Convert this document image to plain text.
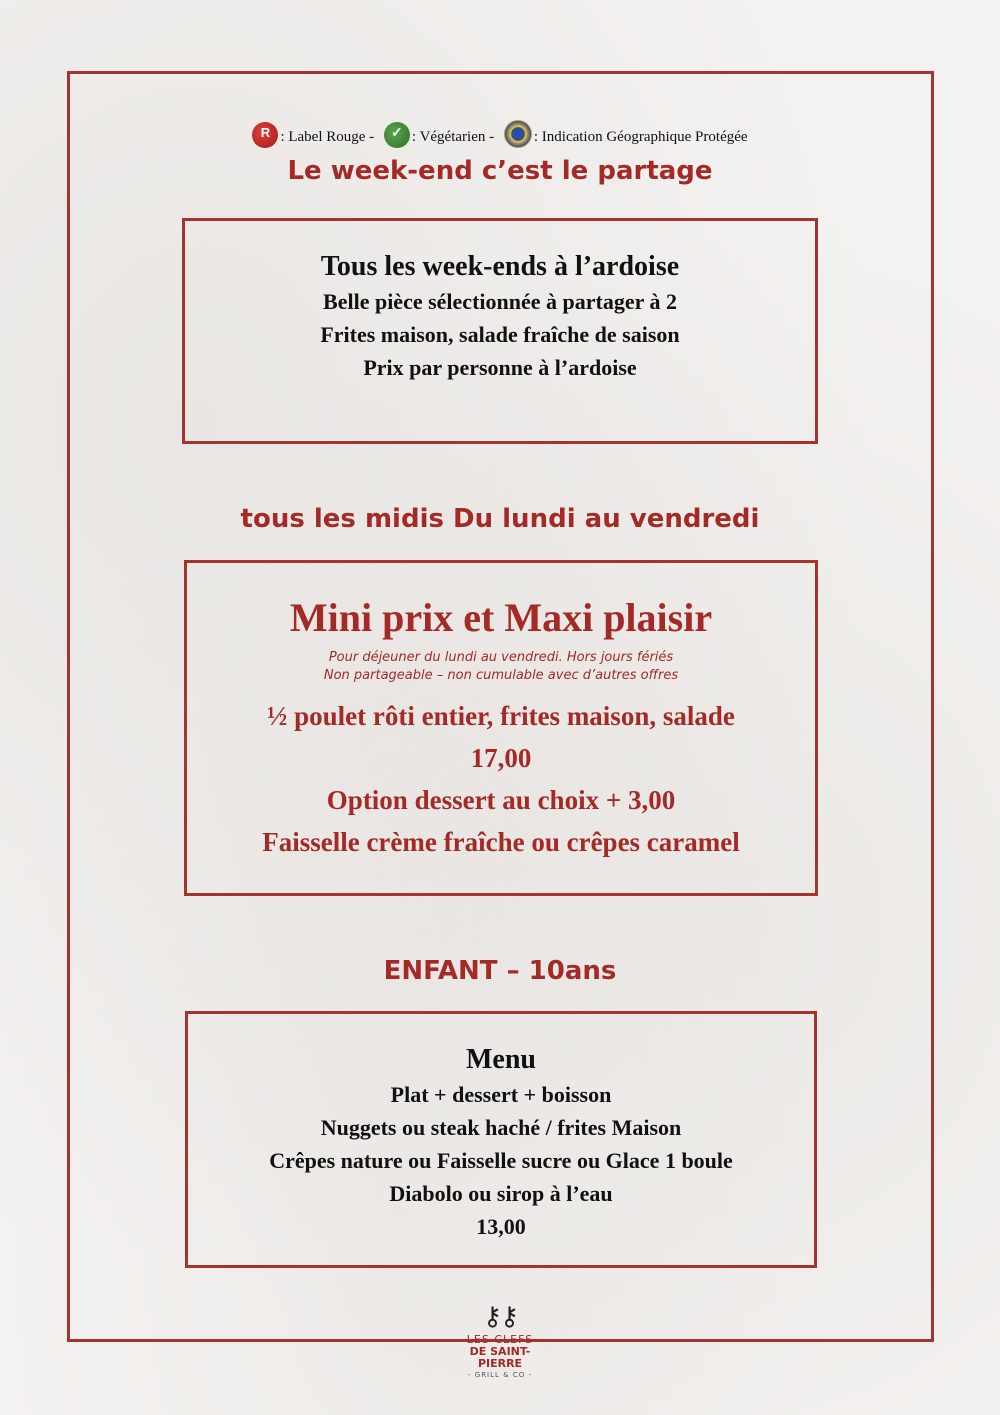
R: Label Rouge - ✓	: Végétarien -	: Indication Géographique Protégée
Le week-end c’est le partage
Tous les week-ends à l’ardoise
Belle pièce sélectionnée à partager à 2
Frites maison, salade fraîche de saison
Prix par personne à l’ardoise
tous les midis Du lundi au vendredi
Mini prix et Maxi plaisir
Pour déjeuner du lundi au vendredi. Hors jours fériés
Non partageable – non cumulable avec d’autres offres
½ poulet rôti entier, frites maison, salade
17,00
Option dessert au choix + 3,00
Faisselle crème fraîche ou crêpes caramel
ENFANT – 10ans
Menu
Plat + dessert + boisson
Nuggets ou steak haché / frites Maison
Crêpes nature ou Faisselle sucre ou Glace 1 boule
Diabolo ou sirop à l’eau
13,00
⚷⚷
LES CLEFS
DE SAINT-PIERRE
- GRILL & CO -
